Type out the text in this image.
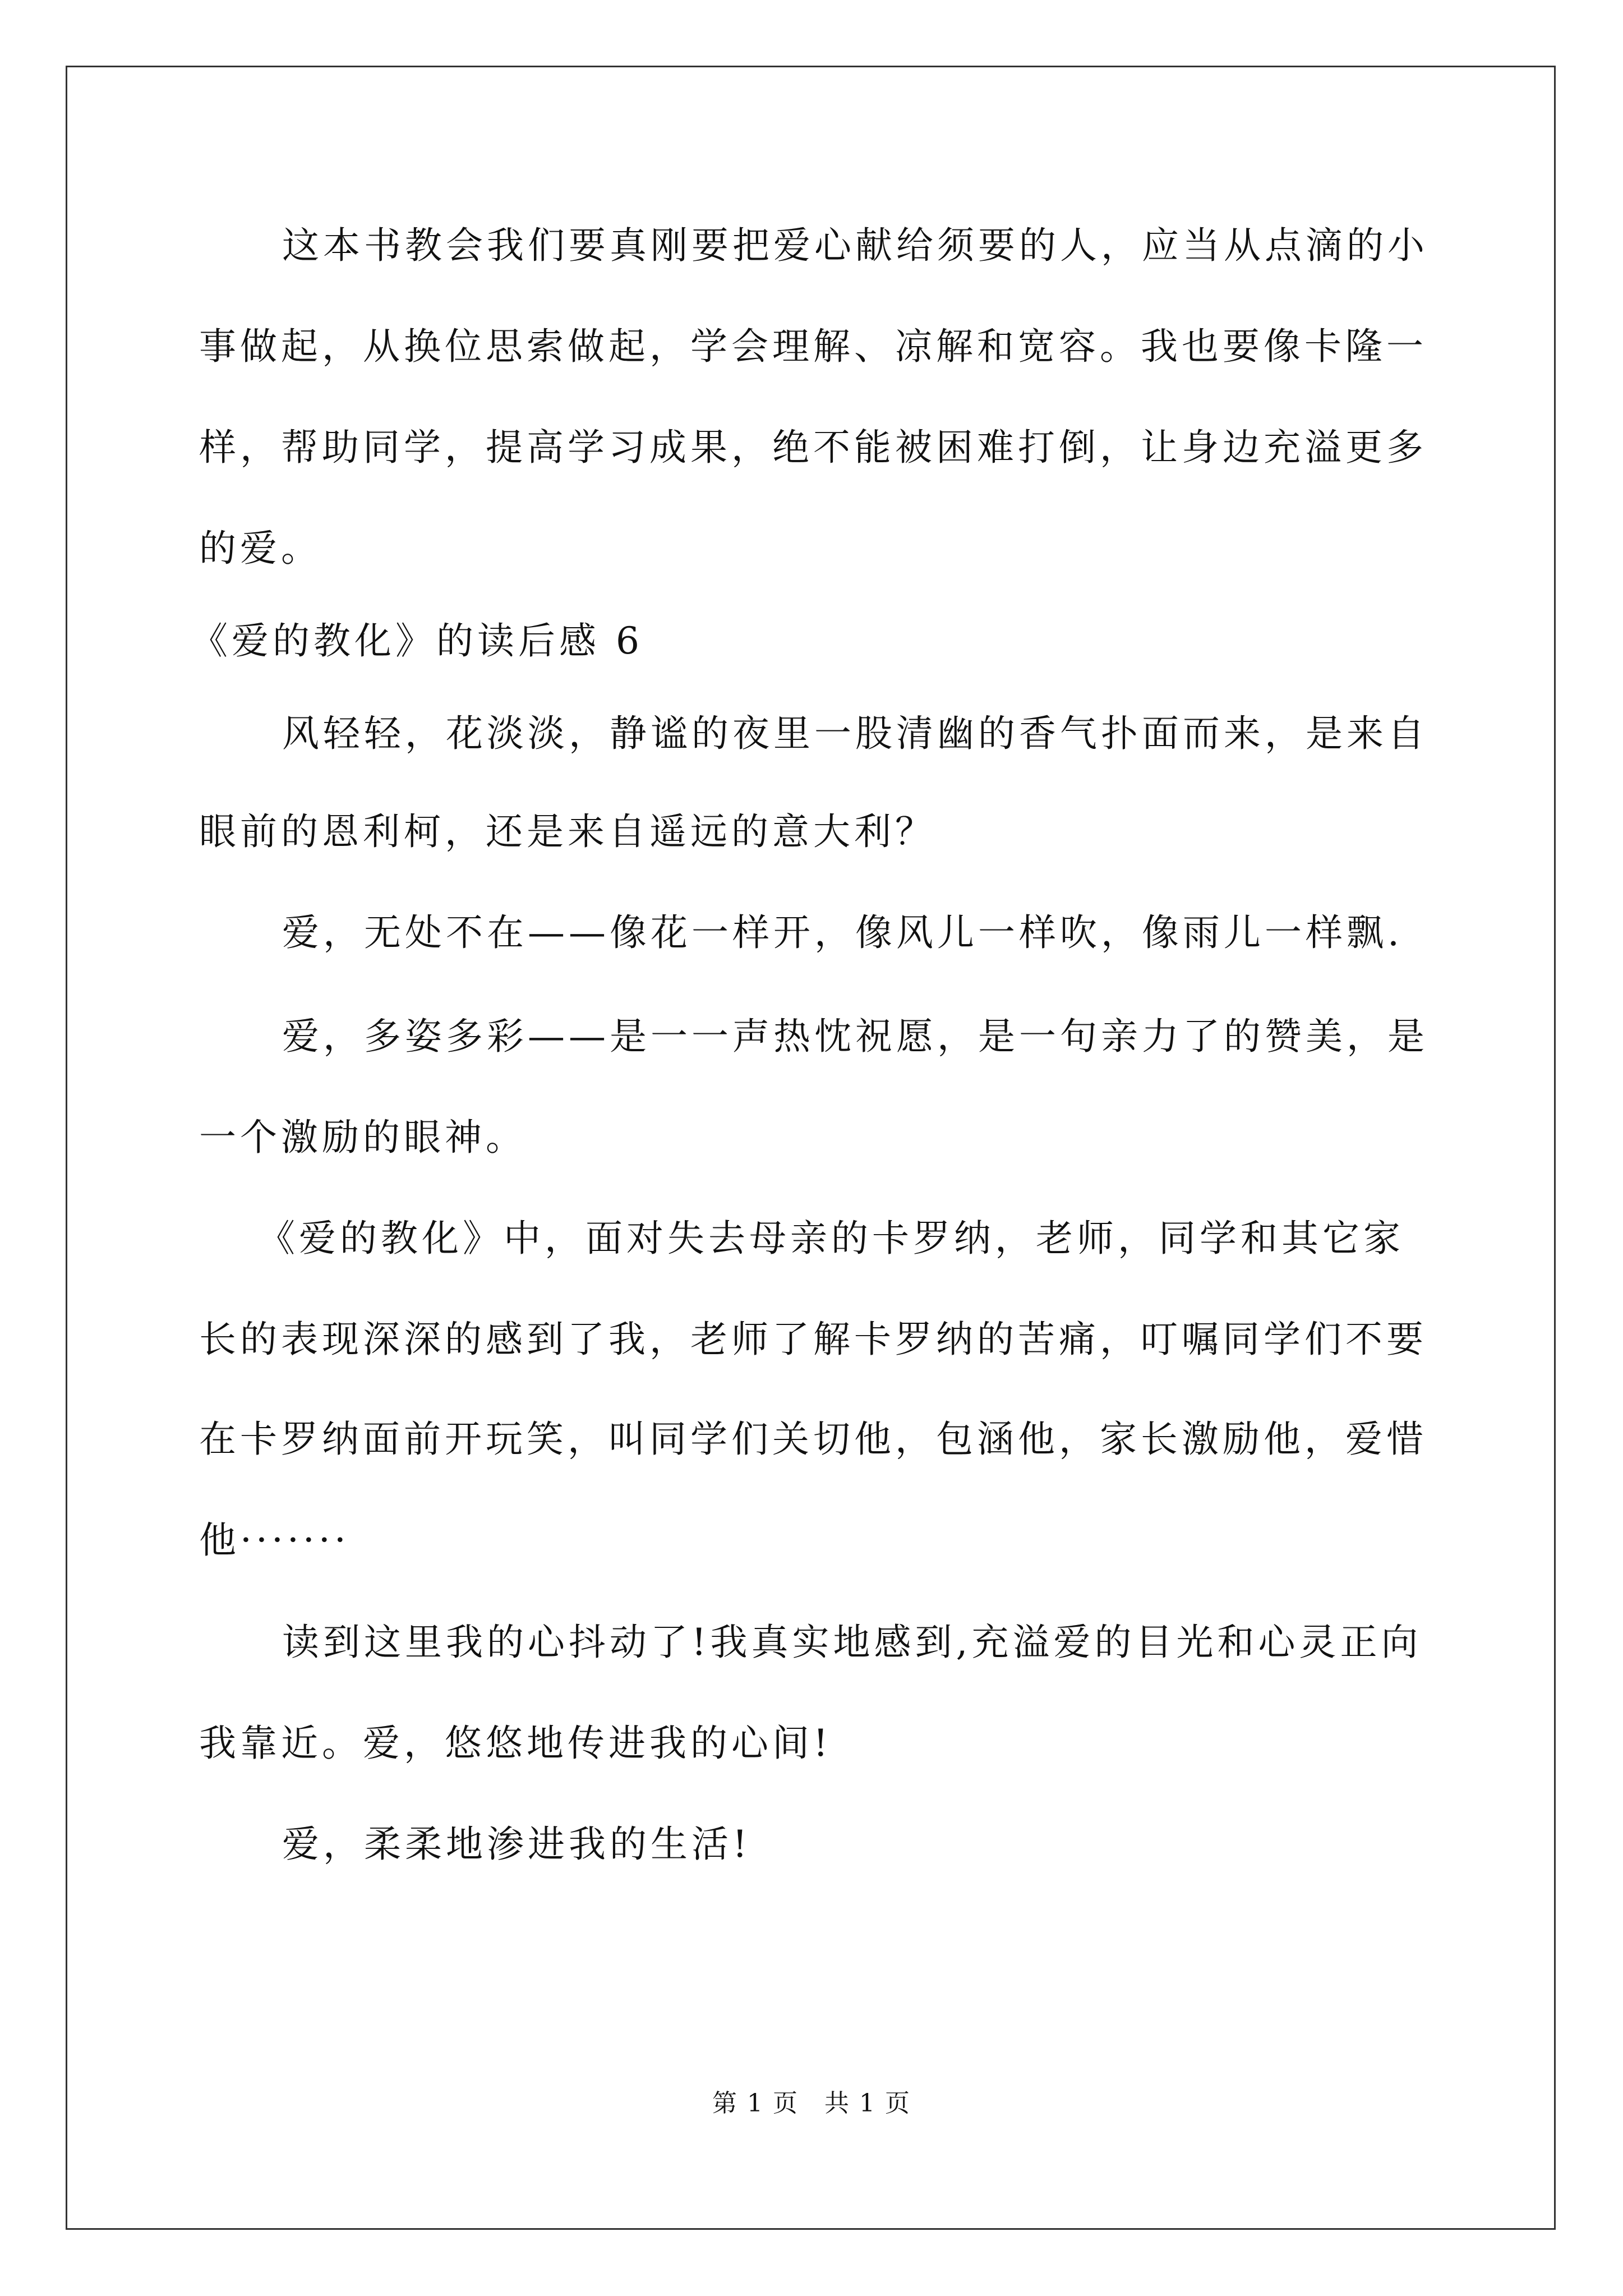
这本书教会我们要真刚要把爱心献给须要的人，应当从点滴的小
事做起，从换位思索做起，学会理解、凉解和宽容。我也要像卡隆一
样，帮助同学，提高学习成果，绝不能被困难打倒，让身边充溢更多
的爱。
《爱的教化》的读后感 6
风轻轻，花淡淡，静谧的夜里一股清幽的香气扑面而来，是来自
眼前的恩利柯，还是来自遥远的意大利？
爱，无处不在——像花一样开，像风儿一样吹，像雨儿一样飘.
爱，多姿多彩——是一一声热忱祝愿，是一句亲力了的赞美，是
一个激励的眼神。
《爱的教化》中，面对失去母亲的卡罗纳，老师，同学和其它家
长的表现深深的感到了我，老师了解卡罗纳的苦痛，叮嘱同学们不要
在卡罗纳面前开玩笑，叫同学们关切他，包涵他，家长激励他，爱惜
他·······
读到这里我的心抖动了!我真实地感到,充溢爱的目光和心灵正向
我靠近。爱，悠悠地传进我的心间!
爱，柔柔地渗进我的生活!
第 1 页　共 1 页
